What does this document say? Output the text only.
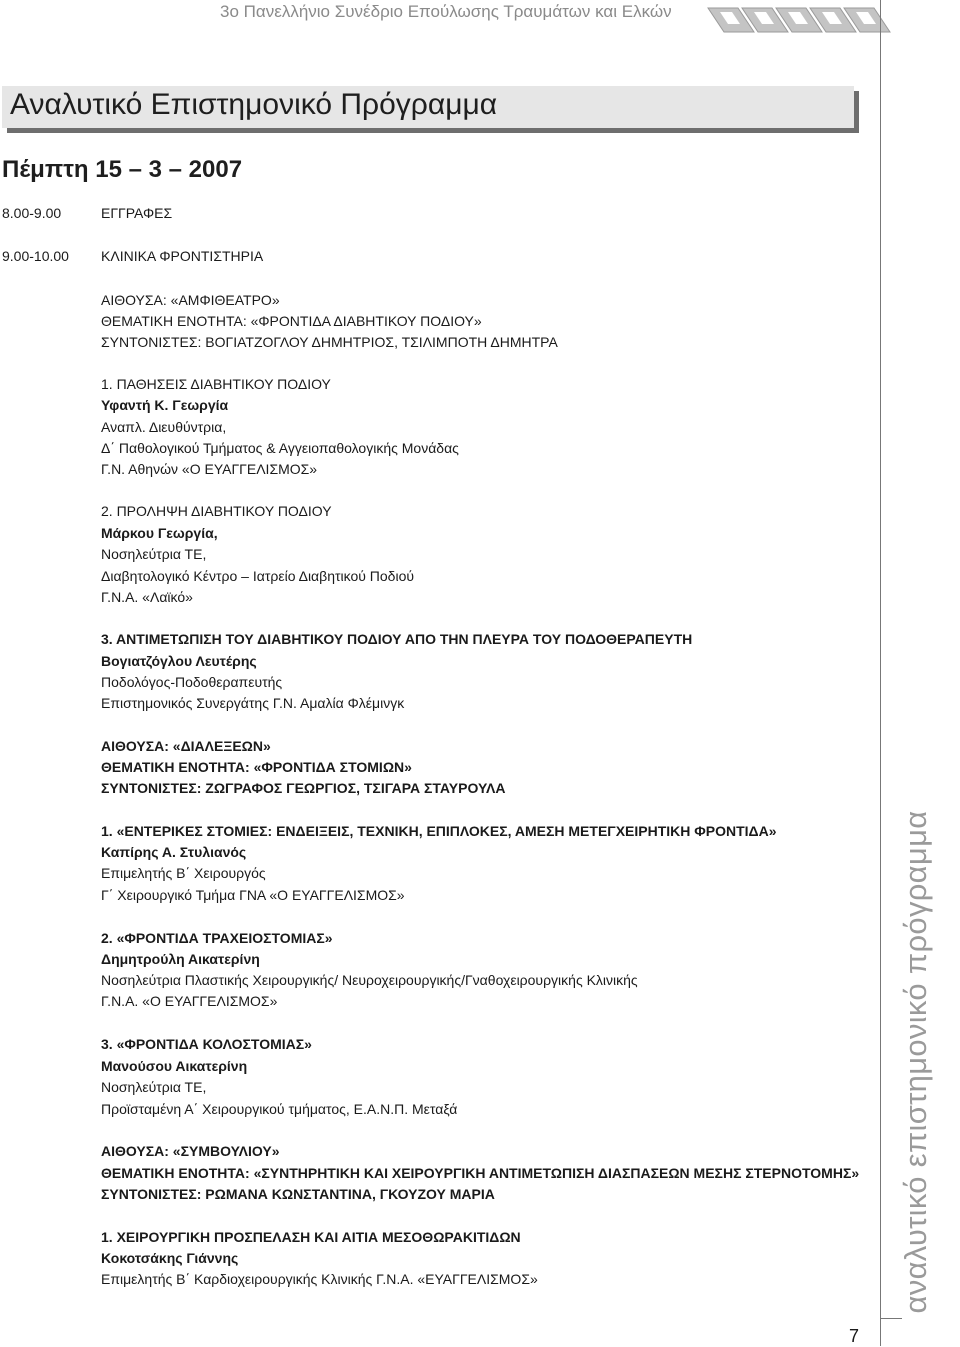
3ο Πανελλήνιο Συνέδριο Επούλωσης Τραυμάτων και Ελκών
Αναλυτικό Επιστημονικό Πρόγραμμα
Πέμπτη 15 – 3 – 2007
8.00-9.00	ΕΓΓΡΑΦΕΣ
9.00-10.00 ΚΛΙΝΙΚΑ ΦΡΟΝΤΙΣΤΗΡΙΑ
ΑΙΘΟΥΣΑ: «ΑΜΦΙΘΕΑΤΡΟ»
ΘΕΜΑΤΙΚΗ ΕΝΟΤΗΤΑ: «ΦΡΟΝΤΙΔΑ ΔΙΑΒΗΤΙΚΟΥ ΠΟΔΙΟΥ»
ΣΥΝΤΟΝΙΣΤΕΣ: ΒΟΓΙΑΤΖΟΓΛΟΥ ΔΗΜΗΤΡΙΟΣ, ΤΣΙΛΙΜΠΟΤΗ ΔΗΜΗΤΡΑ
1. ΠΑΘΗΣΕΙΣ ΔΙΑΒΗΤΙΚΟΥ ΠΟΔΙΟΥ
Υφαντή Κ. Γεωργία
Αναπλ. Διευθύντρια,
Δ΄ Παθολογικού Τμήματος & Αγγειοπαθολογικής Μονάδας
Γ.Ν. Αθηνών «Ο ΕΥΑΓΓΕΛΙΣΜΟΣ»
2. ΠΡΟΛΗΨΗ ΔΙΑΒΗΤΙΚΟΥ ΠΟΔΙΟΥ
Μάρκου Γεωργία,
Νοσηλεύτρια ΤΕ,
Διαβητολογικό Κέντρο – Ιατρείο Διαβητικού Ποδιού
Γ.Ν.Α. «Λαϊκό»
3. ΑΝΤΙΜΕΤΩΠΙΣΗ ΤΟΥ ΔΙΑΒΗΤΙΚΟΥ ΠΟΔΙΟΥ ΑΠΟ ΤΗΝ ΠΛΕΥΡΑ ΤΟΥ ΠΟΔΟΘΕΡΑΠΕΥΤΗ
Βογιατζόγλου Λευτέρης
Ποδολόγος-Ποδοθεραπευτής
Επιστημονικός Συνεργάτης Γ.Ν. Αμαλία Φλέμινγκ
ΑΙΘΟΥΣΑ: «ΔΙΑΛΕΞΕΩΝ»
ΘΕΜΑΤΙΚΗ ΕΝΟΤΗΤΑ: «ΦΡΟΝΤΙΔΑ ΣΤΟΜΙΩΝ»
ΣΥΝΤΟΝΙΣΤΕΣ: ΖΩΓΡΑΦΟΣ ΓΕΩΡΓΙΟΣ, ΤΣΙΓΑΡΑ ΣΤΑΥΡΟΥΛΑ
1. «ΕΝΤΕΡΙΚΕΣ ΣΤΟΜΙΕΣ: ΕΝΔΕΙΞΕΙΣ, ΤΕΧΝΙΚΗ, ΕΠΙΠΛΟΚΕΣ, ΑΜΕΣΗ ΜΕΤΕΓΧΕΙΡΗΤΙΚΗ ΦΡΟΝΤΙΔΑ»
Καπίρης Α. Στυλιανός
Επιμελητής Β΄ Χειρουργός
Γ΄ Χειρουργικό Τμήμα ΓΝΑ «Ο ΕΥΑΓΓΕΛΙΣΜΟΣ»
2. «ΦΡΟΝΤΙΔΑ ΤΡΑΧΕΙΟΣΤΟΜΙΑΣ»
Δημητρούλη Αικατερίνη
Νοσηλεύτρια Πλαστικής Χειρουργικής/ Νευροχειρουργικής/Γναθοχειρουργικής Κλινικής
Γ.Ν.Α. «Ο ΕΥΑΓΓΕΛΙΣΜΟΣ»
3. «ΦΡΟΝΤΙΔΑ ΚΟΛΟΣΤΟΜΙΑΣ»
Μανούσου Αικατερίνη
Νοσηλεύτρια ΤΕ,
Προϊσταμένη Α΄ Χειρουργικού τμήματος, Ε.Α.Ν.Π. Μεταξά
ΑΙΘΟΥΣΑ: «ΣΥΜΒΟΥΛΙΟΥ»
ΘΕΜΑΤΙΚΗ ΕΝΟΤΗΤΑ: «ΣΥΝΤΗΡΗΤΙΚΗ ΚΑΙ ΧΕΙΡΟΥΡΓΙΚΗ ΑΝΤΙΜΕΤΩΠΙΣΗ ΔΙΑΣΠΑΣΕΩΝ ΜΕΣΗΣ ΣΤΕΡΝΟΤΟΜΗΣ»
ΣΥΝΤΟΝΙΣΤΕΣ: ΡΩΜΑΝΑ ΚΩΝΣΤΑΝΤΙΝΑ, ΓΚΟΥΖΟΥ ΜΑΡΙΑ
1. ΧΕΙΡΟΥΡΓΙΚΗ ΠΡΟΣΠΕΛΑΣΗ ΚΑΙ ΑΙΤΙΑ ΜΕΣΟΘΩΡΑΚΙΤΙΔΩΝ
Κοκοτσάκης Γιάννης
Επιμελητής Β΄ Καρδιοχειρουργικής Κλινικής Γ.Ν.Α. «ΕΥΑΓΓΕΛΙΣΜΟΣ»	αναλυτικό επιστημονικό πρόγραμμα
7
